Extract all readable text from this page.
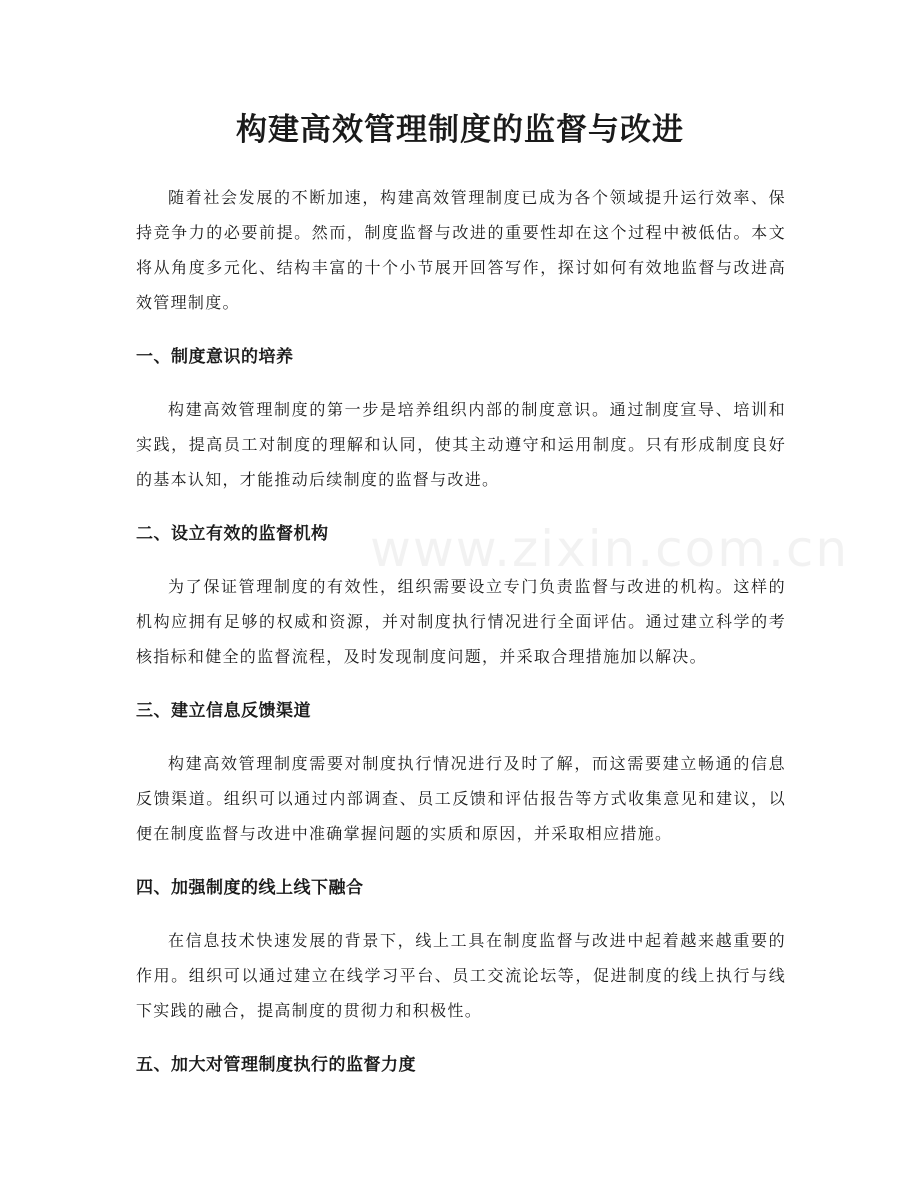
构建高效管理制度的监督与改进

随着社会发展的不断加速，构建高效管理制度已成为各个领域提升运行效率、保持竞争力的必要前提。然而，制度监督与改进的重要性却在这个过程中被低估。本文将从角度多元化、结构丰富的十个小节展开回答写作，探讨如何有效地监督与改进高效管理制度。

一、制度意识的培养

构建高效管理制度的第一步是培养组织内部的制度意识。通过制度宣导、培训和实践，提高员工对制度的理解和认同，使其主动遵守和运用制度。只有形成制度良好的基本认知，才能推动后续制度的监督与改进。

二、设立有效的监督机构

为了保证管理制度的有效性，组织需要设立专门负责监督与改进的机构。这样的机构应拥有足够的权威和资源，并对制度执行情况进行全面评估。通过建立科学的考核指标和健全的监督流程，及时发现制度问题，并采取合理措施加以解决。

三、建立信息反馈渠道

构建高效管理制度需要对制度执行情况进行及时了解，而这需要建立畅通的信息反馈渠道。组织可以通过内部调查、员工反馈和评估报告等方式收集意见和建议，以便在制度监督与改进中准确掌握问题的实质和原因，并采取相应措施。

四、加强制度的线上线下融合

在信息技术快速发展的背景下，线上工具在制度监督与改进中起着越来越重要的作用。组织可以通过建立在线学习平台、员工交流论坛等，促进制度的线上执行与线下实践的融合，提高制度的贯彻力和积极性。

五、加大对管理制度执行的监督力度
www.zixin.com.cn
